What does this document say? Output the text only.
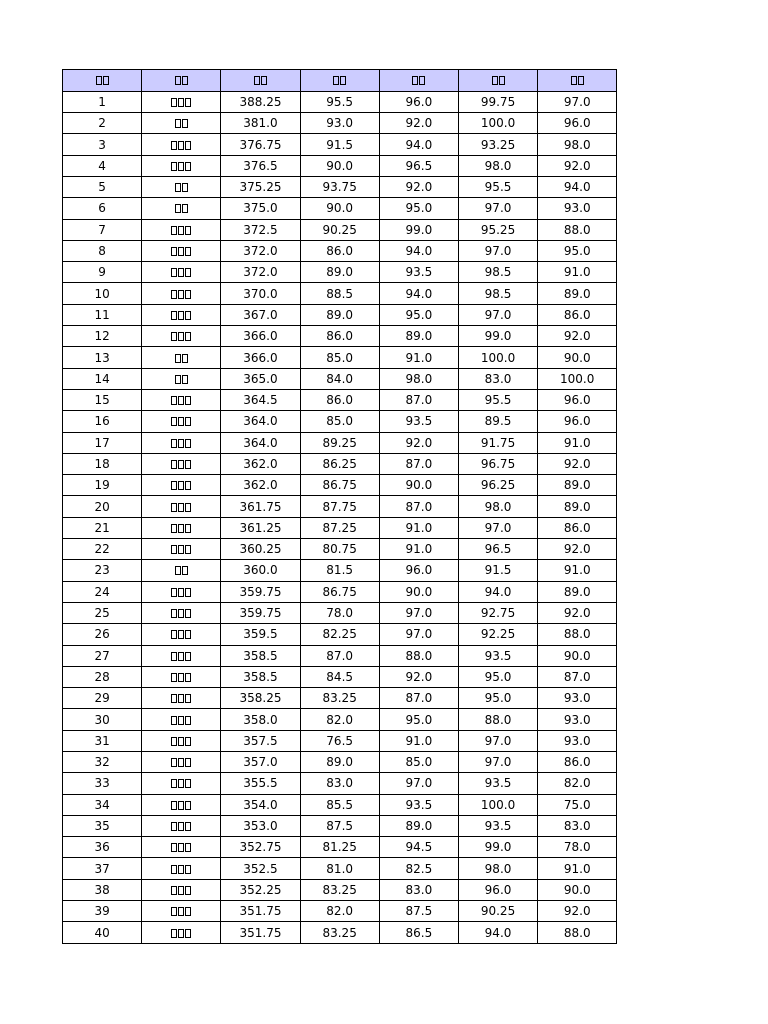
1		388.25	95.5	96.0	99.75	97.0
2		381.0	93.0	92.0	100.0	96.0
3		376.75	91.5	94.0	93.25	98.0
4		376.5	90.0	96.5	98.0	92.0
5		375.25	93.75	92.0	95.5	94.0
6		375.0	90.0	95.0	97.0	93.0
7		372.5	90.25	99.0	95.25	88.0
8		372.0	86.0	94.0	97.0	95.0
9		372.0	89.0	93.5	98.5	91.0
10		370.0	88.5	94.0	98.5	89.0
11		367.0	89.0	95.0	97.0	86.0
12		366.0	86.0	89.0	99.0	92.0
13		366.0	85.0	91.0	100.0	90.0
14		365.0	84.0	98.0	83.0	100.0
15		364.5	86.0	87.0	95.5	96.0
16		364.0	85.0	93.5	89.5	96.0
17		364.0	89.25	92.0	91.75	91.0
18		362.0	86.25	87.0	96.75	92.0
19		362.0	86.75	90.0	96.25	89.0
20		361.75	87.75	87.0	98.0	89.0
21		361.25	87.25	91.0	97.0	86.0
22		360.25	80.75	91.0	96.5	92.0
23		360.0	81.5	96.0	91.5	91.0
24		359.75	86.75	90.0	94.0	89.0
25		359.75	78.0	97.0	92.75	92.0
26		359.5	82.25	97.0	92.25	88.0
27		358.5	87.0	88.0	93.5	90.0
28		358.5	84.5	92.0	95.0	87.0
29		358.25	83.25	87.0	95.0	93.0
30		358.0	82.0	95.0	88.0	93.0
31		357.5	76.5	91.0	97.0	93.0
32		357.0	89.0	85.0	97.0	86.0
33		355.5	83.0	97.0	93.5	82.0
34		354.0	85.5	93.5	100.0	75.0
35		353.0	87.5	89.0	93.5	83.0
36		352.75	81.25	94.5	99.0	78.0
37		352.5	81.0	82.5	98.0	91.0
38		352.25	83.25	83.0	96.0	90.0
39		351.75	82.0	87.5	90.25	92.0
40		351.75	83.25	86.5	94.0	88.0
